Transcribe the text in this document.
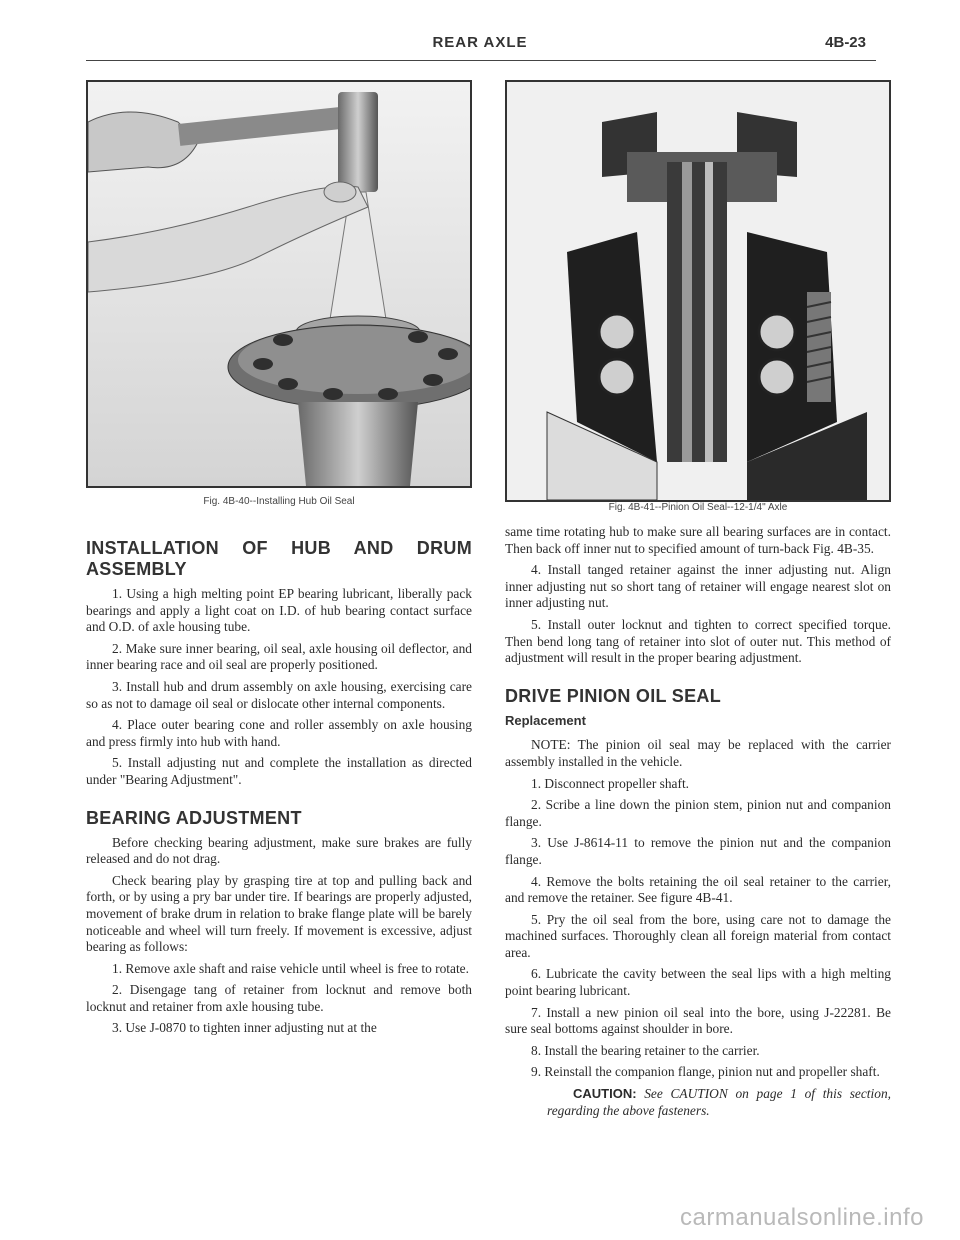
REAR AXLE	4B-23
Fig. 4B-40--Installing Hub Oil Seal
Fig. 4B-41--Pinion Oil Seal--12-1/4" Axle
INSTALLATION OF HUB AND DRUM ASSEMBLY

1. Using a high melting point EP bearing lubricant, liberally pack bearings and apply a light coat on I.D. of hub bearing contact surface and O.D. of axle housing tube.

2. Make sure inner bearing, oil seal, axle housing oil deflector, and inner bearing race and oil seal are properly positioned.

3. Install hub and drum assembly on axle housing, exercising care so as not to damage oil seal or dislocate other internal components.

4. Place outer bearing cone and roller assembly on axle housing and press firmly into hub with hand.

5. Install adjusting nut and complete the installation as directed under "Bearing Adjustment".

BEARING ADJUSTMENT

Before checking bearing adjustment, make sure brakes are fully released and do not drag.

Check bearing play by grasping tire at top and pulling back and forth, or by using a pry bar under tire. If bearings are properly adjusted, movement of brake drum in relation to brake flange plate will be barely noticeable and wheel will turn freely. If movement is excessive, adjust bearing as follows:

1. Remove axle shaft and raise vehicle until wheel is free to rotate.

2. Disengage tang of retainer from locknut and remove both locknut and retainer from axle housing tube.

3. Use J-0870 to tighten inner adjusting nut at the

same time rotating hub to make sure all bearing surfaces are in contact. Then back off inner nut to specified amount of turn-back Fig. 4B-35.

4. Install tanged retainer against the inner adjusting nut. Align inner adjusting nut so short tang of retainer will engage nearest slot on inner adjusting nut.

5. Install outer locknut and tighten to correct specified torque. Then bend long tang of retainer into slot of outer nut. This method of adjustment will result in the proper bearing adjustment.

DRIVE PINION OIL SEAL
Replacement

NOTE: The pinion oil seal may be replaced with the carrier assembly installed in the vehicle.

1. Disconnect propeller shaft.

2. Scribe a line down the pinion stem, pinion nut and companion flange.

3. Use J-8614-11 to remove the pinion nut and the companion flange.

4. Remove the bolts retaining the oil seal retainer to the carrier, and remove the retainer. See figure 4B-41.

5. Pry the oil seal from the bore, using care not to damage the machined surfaces. Thoroughly clean all foreign material from contact area.

6. Lubricate the cavity between the seal lips with a high melting point bearing lubricant.

7. Install a new pinion oil seal into the bore, using J-22281. Be sure seal bottoms against shoulder in bore.

8. Install the bearing retainer to the carrier.

9. Reinstall the companion flange, pinion nut and propeller shaft.

CAUTION: See CAUTION on page 1 of this section, regarding the above fasteners.

carmanualsonline.info
